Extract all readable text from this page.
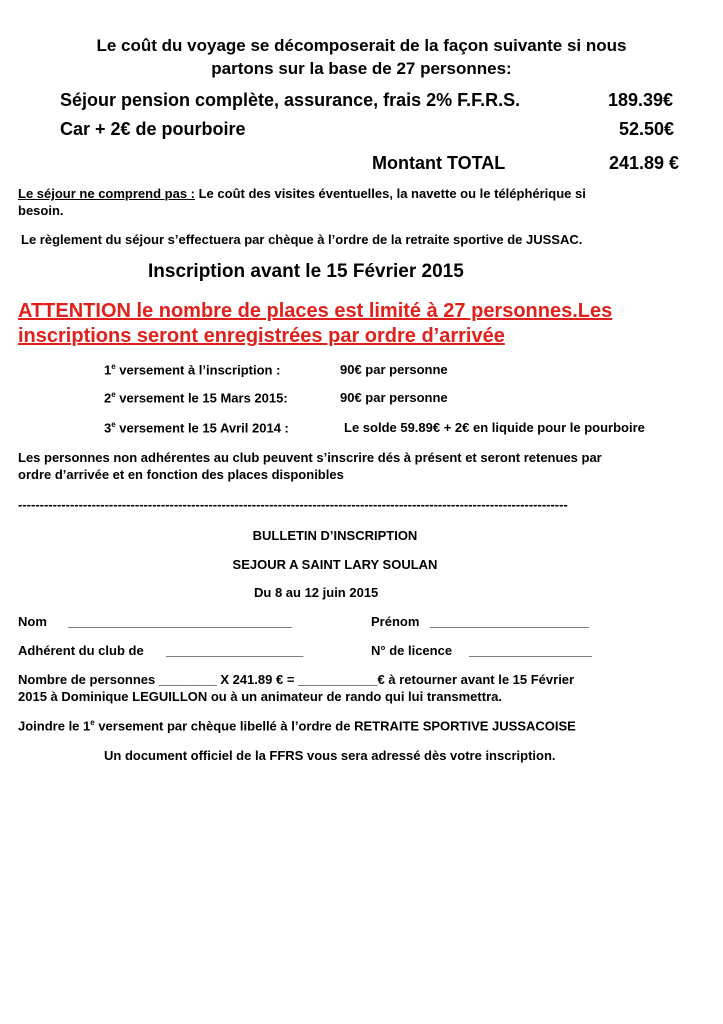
Le coût du voyage se décomposerait de la façon suivante si nous
partons sur la base de 27 personnes:
Séjour pension complète, assurance, frais 2% F.F.R.S.	189.39€
Car + 2€ de pourboire	52.50€
Montant TOTAL	241.89 €
Le séjour ne comprend pas : Le coût des visites éventuelles, la navette ou le téléphérique si
besoin.
Le règlement du séjour s’effectuera par chèque à l’ordre de la retraite sportive de JUSSAC.
Inscription avant le 15 Février 2015
ATTENTION le nombre de places est limité à 27 personnes.Les
inscriptions seront enregistrées par ordre d’arrivée
1e versement à l’inscription :	90€ par personne
2e versement le 15 Mars 2015:	90€ par personne
3e versement le 15 Avril 2014 :	Le solde 59.89€ + 2€ en liquide pour le pourboire
Les personnes non adhérentes au club peuvent s’inscrire dés à présent et seront retenues par
ordre d’arrivée et en fonction des places disponibles
-------------------------------------------------------------------------------------------------------------------------------
BULLETIN D’INSCRIPTION
SEJOUR A SAINT LARY SOULAN
Du 8 au 12 juin 2015
Nom _______________________________	Prénom ______________________
Adhérent du club de ___________________	N° de licence _________________
Nombre de personnes ________ X 241.89 € = ___________€ à retourner avant le 15 Février
2015 à Dominique LEGUILLON ou à un animateur de rando qui lui transmettra.
Joindre le 1e versement par chèque libellé à l’ordre de RETRAITE SPORTIVE JUSSACOISE
Un document officiel de la FFRS vous sera adressé dès votre inscription.
